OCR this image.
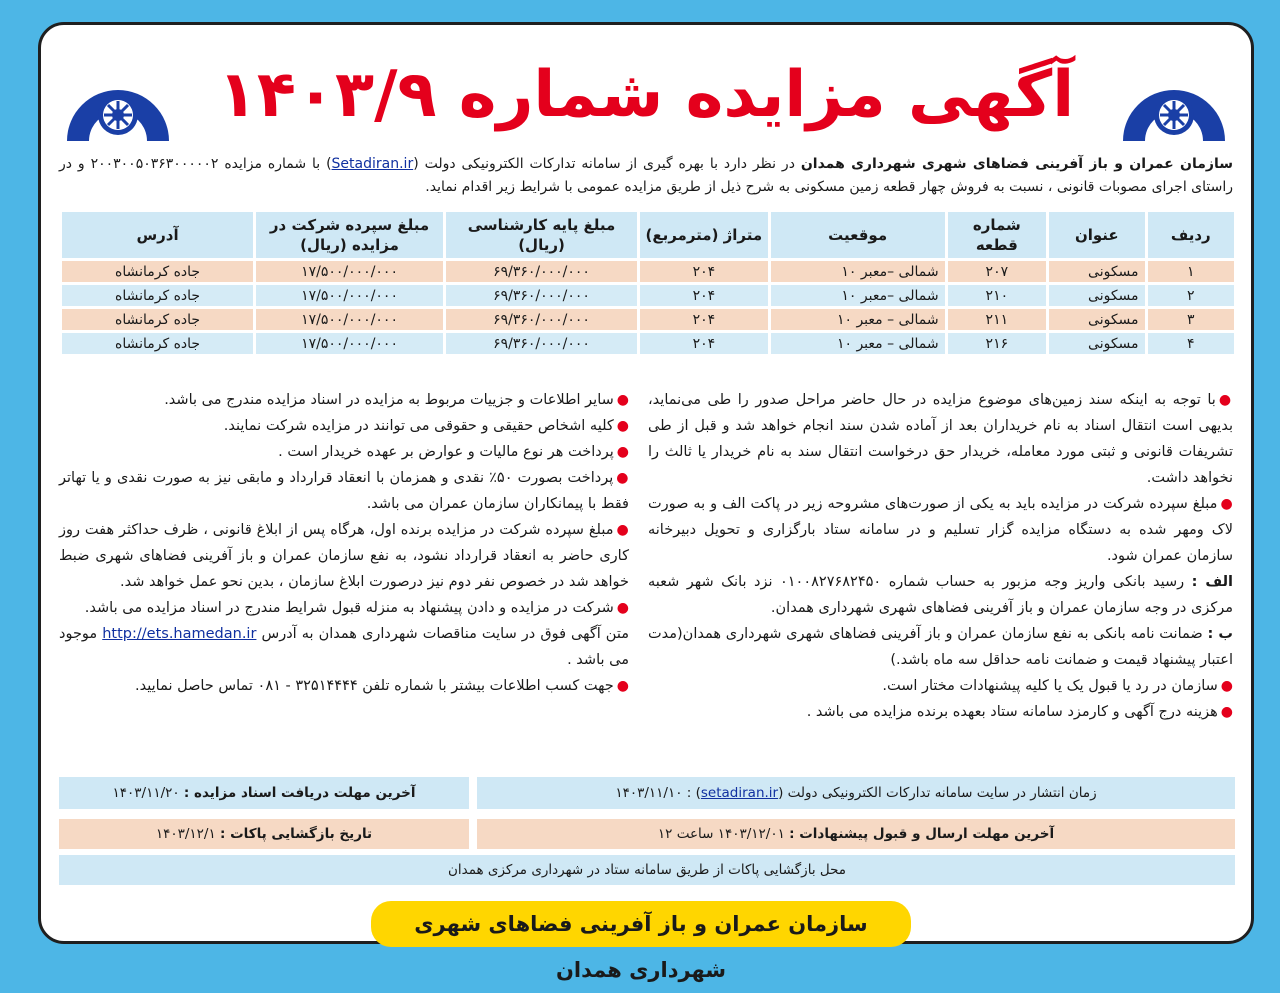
آگهی مزایده شماره ۱۴۰۳/۹
سازمان عمران و باز آفرینی فضاهای شهری شهرداری همدان در نظر دارد با بهره گیری از سامانه تدارکات الکترونیکی دولت (Setadiran.ir) با شماره مزایده ۲۰۰۳۰۰۵۰۳۶۳۰۰۰۰۰۲ و در راستای اجرای مصوبات قانونی ، نسبت به فروش چهار قطعه زمین مسکونی به شرح ذیل از طریق مزایده عمومی با شرایط زیر اقدام نماید.
ردیف	عنوان	شماره قطعه	موقعیت	متراژ (مترمربع)	مبلغ پایه کارشناسی (ریال)	مبلغ سپرده شرکت در مزایده (ریال)	آدرس
۱	مسکونی	۲۰۷	شمالی –معبر ۱۰	۲۰۴	۶۹/۳۶۰/۰۰۰/۰۰۰	۱۷/۵۰۰/۰۰۰/۰۰۰	جاده کرمانشاه
۲	مسکونی	۲۱۰	شمالی –معبر ۱۰	۲۰۴	۶۹/۳۶۰/۰۰۰/۰۰۰	۱۷/۵۰۰/۰۰۰/۰۰۰	جاده کرمانشاه
۳	مسکونی	۲۱۱	شمالی – معبر ۱۰	۲۰۴	۶۹/۳۶۰/۰۰۰/۰۰۰	۱۷/۵۰۰/۰۰۰/۰۰۰	جاده کرمانشاه
۴	مسکونی	۲۱۶	شمالی – معبر ۱۰	۲۰۴	۶۹/۳۶۰/۰۰۰/۰۰۰	۱۷/۵۰۰/۰۰۰/۰۰۰	جاده کرمانشاه

●با توجه به اینکه سند زمین‌های موضوع مزایده در حال حاضر مراحل صدور را طی می‌نماید، بدیهی است انتقال اسناد به نام خریداران بعد از آماده شدن سند انجام خواهد شد و قبل از طی تشریفات قانونی و ثبتی مورد معامله، خریدار حق درخواست انتقال سند به نام خریدار یا ثالث را نخواهد داشت.

●مبلغ سپرده شرکت در مزایده باید به یکی از صورت‌های مشروحه زیر در پاکت الف و به صورت لاک ومهر شده به دستگاه مزایده گزار تسلیم و در سامانه ستاد بارگزاری و تحویل دبیرخانه سازمان عمران شود.

الف : رسید بانکی واریز وجه مزبور به حساب شماره ۰۱۰۰۸۲۷۶۸۲۴۵۰ نزد بانک شهر شعبه مرکزی در وجه سازمان عمران و باز آفرینی فضاهای شهری شهرداری همدان.

ب : ضمانت نامه بانکی به نفع سازمان عمران و باز آفرینی فضاهای شهری شهرداری همدان(مدت اعتبار پیشنهاد قیمت و ضمانت نامه حداقل سه ماه باشد.)

●سازمان در رد یا قبول یک یا کلیه پیشنهادات مختار است.

●هزینه درج آگهی و کارمزد سامانه ستاد بعهده برنده مزایده می باشد .

●سایر اطلاعات و جزییات مربوط به مزایده در اسناد مزایده مندرج می باشد.

●کلیه اشخاص حقیقی و حقوقی می توانند در مزایده شرکت نمایند.

●پرداخت هر نوع مالیات و عوارض بر عهده خریدار است .

●پرداخت بصورت ۵۰٪ نقدی و همزمان با انعقاد قرارداد و مابقی نیز به صورت نقدی و یا تهاتر فقط با پیمانکاران سازمان عمران می باشد.

●مبلغ سپرده شرکت در مزایده برنده اول، هرگاه پس از ابلاغ قانونی ، ظرف حداکثر هفت روز کاری حاضر به انعقاد قرارداد نشود، به نفع سازمان عمران و باز آفرینی فضاهای شهری ضبط خواهد شد در خصوص نفر دوم نیز درصورت ابلاغ سازمان ، بدین نحو عمل خواهد شد.

●شرکت در مزایده و دادن پیشنهاد به منزله قبول شرایط مندرج در اسناد مزایده می باشد.

متن آگهی فوق در سایت مناقصات شهرداری همدان به آدرس http://ets.hamedan.ir موجود می باشد .

●جهت کسب اطلاعات بیشتر با شماره تلفن ۳۲۵۱۴۴۴۴ - ۰۸۱ تماس حاصل نمایید.

زمان انتشار در سایت سامانه تدارکات الکترونیکی دولت (setadiran.ir) : ۱۴۰۳/۱۱/۱۰
آخرین مهلت دریافت اسناد مزایده : ۱۴۰۳/۱۱/۲۰
آخرین مهلت ارسال و قبول پیشنهادات : ۱۴۰۳/۱۲/۰۱ ساعت ۱۲
تاریخ بازگشایی پاکات : ۱۴۰۳/۱۲/۱
محل بازگشایی پاکات از طریق سامانه ستاد در شهرداری مرکزی همدان
سازمان عمران و باز آفرینی فضاهای شهری شهرداری همدان
